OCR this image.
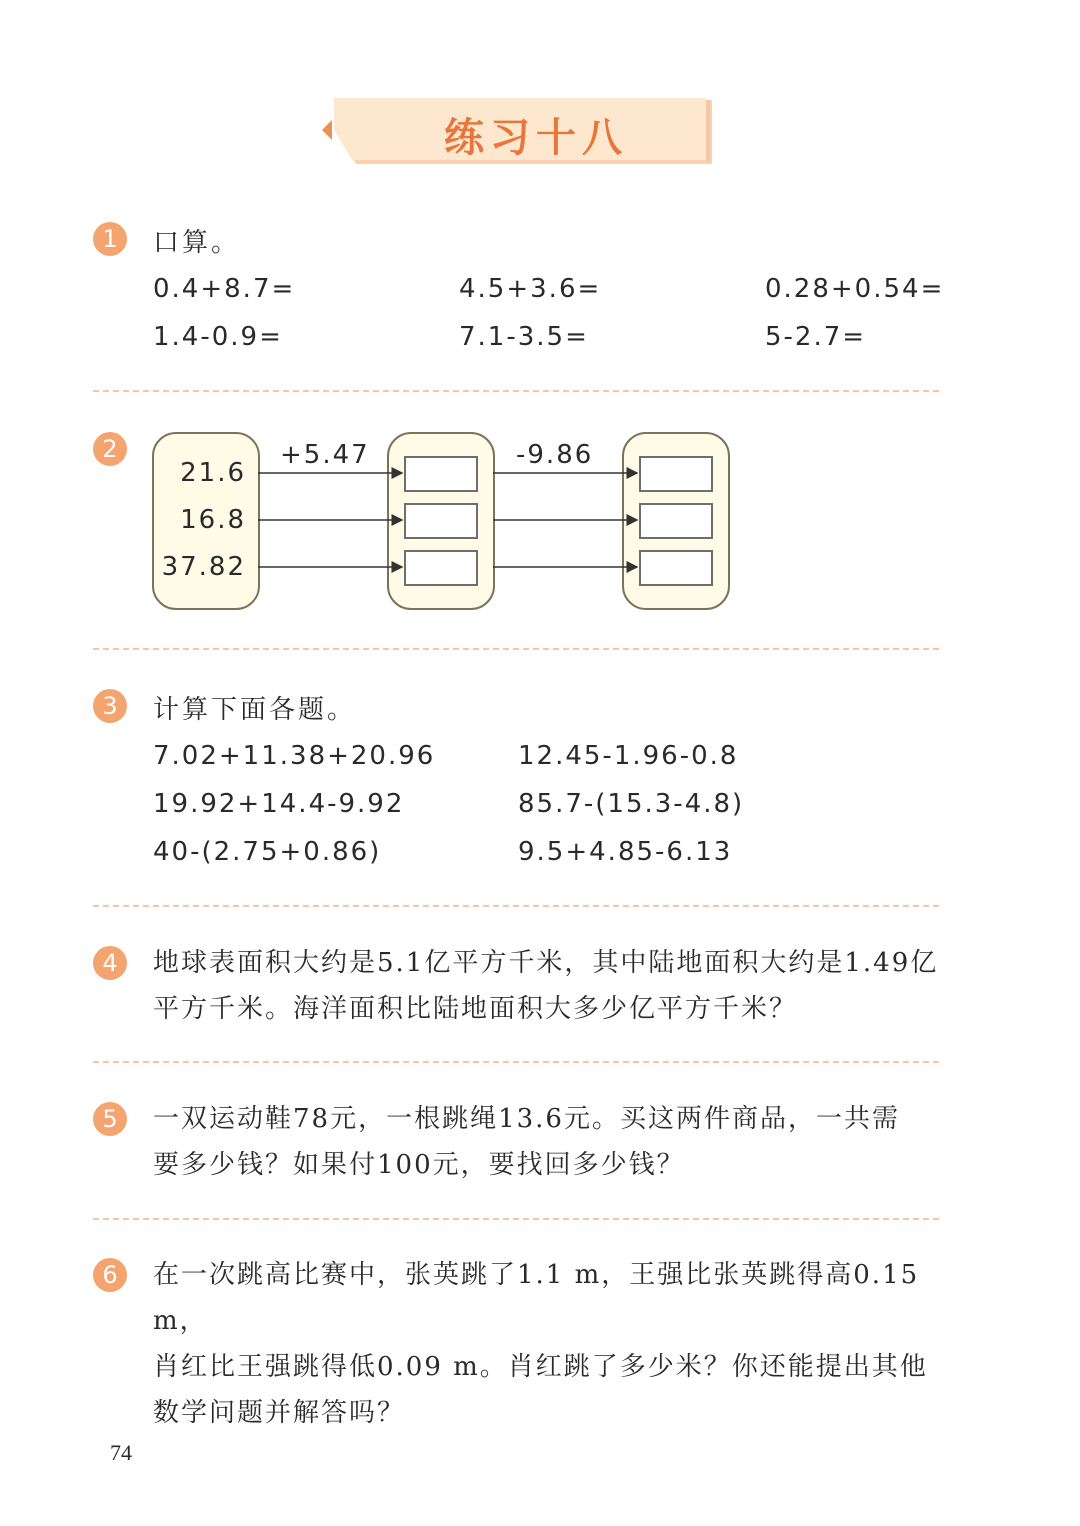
练习十八
1	口算。
0.4+8.7=	4.5+3.6=	0.28+0.54=
1.4-0.9=	7.1-3.5=	5-2.7=
2
21.6
16.8
37.82
+5.47	-9.86
3	计算下面各题。
7.02+11.38+20.96	12.45-1.96-0.8
19.92+14.4-9.92	85.7-(15.3-4.8)
40-(2.75+0.86)	9.5+4.85-6.13
4	地球表面积大约是5.1亿平方千米，其中陆地面积大约是1.49亿
平方千米。海洋面积比陆地面积大多少亿平方千米？
5	一双运动鞋78元，一根跳绳13.6元。买这两件商品，一共需
要多少钱？如果付100元，要找回多少钱？
6	在一次跳高比赛中，张英跳了1.1 m，王强比张英跳得高0.15 m，
肖红比王强跳得低0.09 m。肖红跳了多少米？你还能提出其他
数学问题并解答吗？
74
